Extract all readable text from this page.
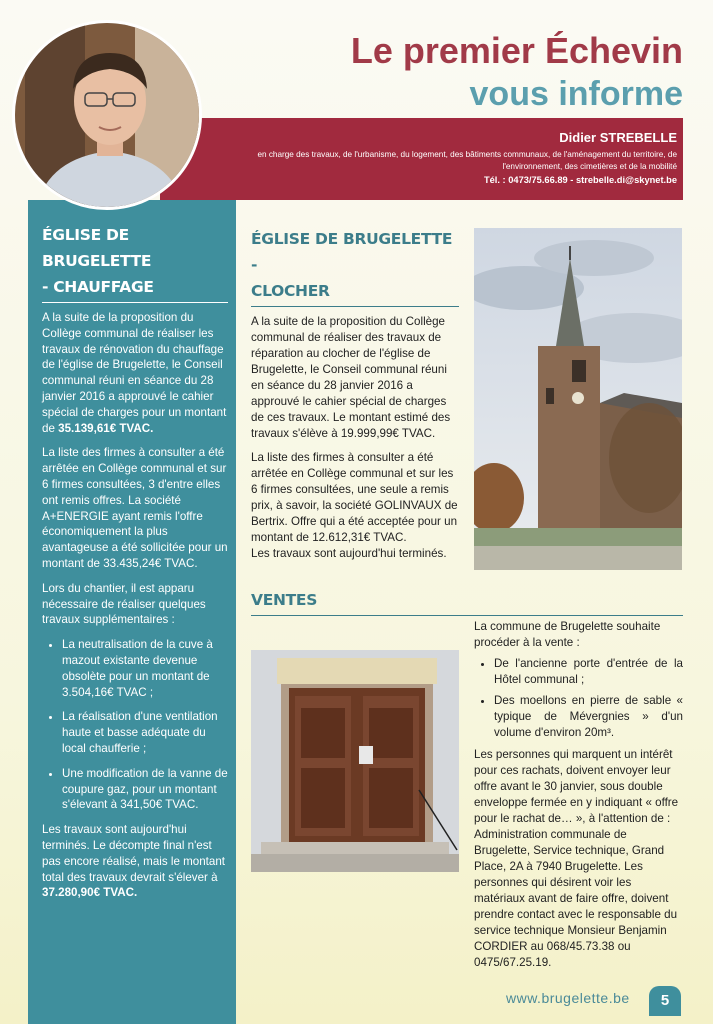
Le premier Échevin
vous informe
Didier STREBELLE
en charge des travaux, de l'urbanisme, du logement, des bâtiments communaux, de l'aménagement du territoire, de l'environnement, des cimetières et de la mobilité
Tél. : 0473/75.66.89 - strebelle.di@skynet.be
ÉGLISE DE BRUGELETTE
- CHAUFFAGE

A la suite de la proposition du Collège communal de réaliser les travaux de rénovation du chauffage de l'église de Brugelette, le Conseil communal réuni en séance du 28 janvier 2016 a approuvé le cahier spécial de charges pour un montant de 35.139,61€ TVAC.

La liste des firmes à consulter a été arrêtée en Collège communal et sur 6 firmes consultées, 3 d'entre elles ont remis offres. La société A+ENERGIE ayant remis l'offre économiquement la plus avantageuse a été sollicitée pour un montant de 33.435,24€ TVAC.

Lors du chantier, il est apparu nécessaire de réaliser quelques travaux supplémentaires :

• La neutralisation de la cuve à mazout existante devenue obsolète pour un montant de 3.504,16€ TVAC ;
• La réalisation d'une ventilation haute et basse adéquate du local chaufferie ;
• Une modification de la vanne de coupure gaz, pour un montant s'élevant à 341,50€ TVAC.

Les travaux sont aujourd'hui terminés. Le décompte final n'est pas encore réalisé, mais le montant total des travaux devrait s'élever à 37.280,90€ TVAC.

ÉGLISE DE BRUGELETTE -
CLOCHER

A la suite de la proposition du Collège communal de réaliser des travaux de réparation au clocher de l'église de Brugelette, le Conseil communal réuni en séance du 28 janvier 2016 a approuvé le cahier spécial de charges de ces travaux. Le montant estimé des travaux s'élève à 19.999,99€ TVAC.

La liste des firmes à consulter a été arrêtée en Collège communal et sur les 6 firmes consultées, une seule a remis prix, à savoir, la société GOLINVAUX de Bertrix. Offre qui a été acceptée pour un montant de 12.612,31€ TVAC.
Les travaux sont aujourd'hui terminés.

VENTES

La commune de Brugelette souhaite procéder à la vente :

• De l'ancienne porte d'entrée de la Hôtel communal ;
• Des moellons en pierre de sable « typique de Mévergnies » d'un volume d'environ 20m³.

Les personnes qui marquent un intérêt pour ces rachats, doivent envoyer leur offre avant le 30 janvier, sous double enveloppe fermée en y indiquant « offre pour le rachat de… », à l'attention de : Administration communale de Brugelette, Service technique, Grand Place, 2A à 7940 Brugelette. Les personnes qui désirent voir les matériaux avant de faire offre, doivent prendre contact avec le responsable du service technique Monsieur Benjamin CORDIER au 068/45.73.38 ou 0475/67.25.19.

www.brugelette.be	5
